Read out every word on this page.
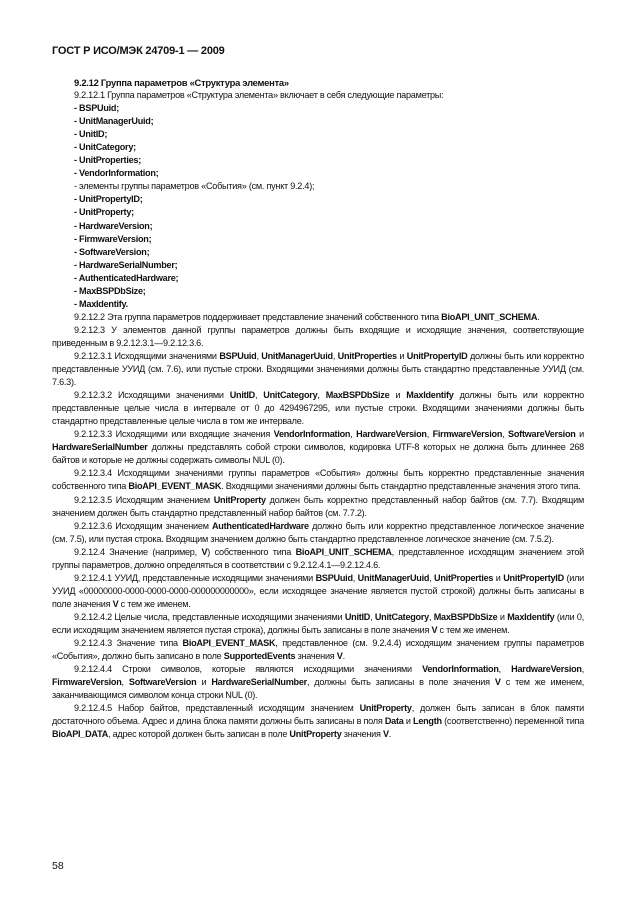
ГОСТ Р ИСО/МЭК 24709-1 — 2009

9.2.12 Группа параметров «Структура элемента»

9.2.12.1 Группа параметров «Структура элемента» включает в себя следующие параметры:

- BSPUuid;

- UnitManagerUuid;

- UnitID;

- UnitCategory;

- UnitProperties;

- VendorInformation;

- элементы группы параметров «События» (см. пункт 9.2.4);

- UnitPropertyID;

- UnitProperty;

- HardwareVersion;

- FirmwareVersion;

- SoftwareVersion;

- HardwareSerialNumber;

- AuthenticatedHardware;

- MaxBSPDbSize;

- MaxIdentify.

9.2.12.2 Эта группа параметров поддерживает представление значений собственного типа BioAPI_UNIT_SCHEMA.

9.2.12.3 У элементов данной группы параметров должны быть входящие и исходящие значения, соответствующие приведенным в 9.2.12.3.1—9.2.12.3.6.

9.2.12.3.1 Исходящими значениями BSPUuid, UnitManagerUuid, UnitProperties и UnitPropertyID должны быть или корректно представленные УУИД (см. 7.6), или пустые строки. Входящими значениями должны быть стандартно представленные УУИД (см. 7.6.3).

9.2.12.3.2 Исходящими значениями UnitID, UnitCategory, MaxBSPDbSize и MaxIdentify должны быть или корректно представленные целые числа в интервале от 0 до 4294967295, или пустые строки. Входящими значениями должны быть стандартно представленные целые числа в том же интервале.

9.2.12.3.3 Исходящими или входящие значения VendorInformation, HardwareVersion, FirmwareVersion, SoftwareVersion и HardwareSerialNumber должны представлять собой строки символов, кодировка UTF-8 которых не должна быть длиннее 268 байтов и которые не должны содержать символы NUL (0).

9.2.12.3.4 Исходящими значениями группы параметров «События» должны быть корректно представленные значения собственного типа BioAPI_EVENT_MASK. Входящими значениями должны быть стандартно представленные значения этого типа.

9.2.12.3.5 Исходящим значением UnitProperty должен быть корректно представленный набор байтов (см. 7.7). Входящим значением должен быть стандартно представленный набор байтов (см. 7.7.2).

9.2.12.3.6 Исходящим значением AuthenticatedHardware должно быть или корректно представленное логическое значение (см. 7.5), или пустая строка. Входящим значением должно быть стандартно представленное логическое значение (см. 7.5.2).

9.2.12.4 Значение (например, V) собственного типа BioAPI_UNIT_SCHEMA, представленное исходящим значением этой группы параметров, должно определяться в соответствии с 9.2.12.4.1—9.2.12.4.6.

9.2.12.4.1 УУИД, представленные исходящими значениями BSPUuid, UnitManagerUuid, UnitProperties и UnitPropertyID (или УУИД «00000000-0000-0000-0000-000000000000», если исходящее значение является пустой строкой) должны быть записаны в поле значения V с тем же именем.

9.2.12.4.2 Целые числа, представленные исходящими значениями UnitID, UnitCategory, MaxBSPDbSize и MaxIdentify (или 0, если исходящим значением является пустая строка), должны быть записаны в поле значения V с тем же именем.

9.2.12.4.3 Значение типа BioAPI_EVENT_MASK, представленное (см. 9.2.4.4) исходящим значением группы параметров «События», должно быть записано в поле SupportedEvents значения V.

9.2.12.4.4 Строки символов, которые являются исходящими значениями VendorInformation, HardwareVersion, FirmwareVersion, SoftwareVersion и HardwareSerialNumber, должны быть записаны в поле значения V с тем же именем, заканчивающимся символом конца строки NUL (0).

9.2.12.4.5 Набор байтов, представленный исходящим значением UnitProperty, должен быть записан в блок памяти достаточного объема. Адрес и длина блока памяти должны быть записаны в поля Data и Length (соответственно) переменной типа BioAPI_DATA, адрес которой должен быть записан в поле UnitProperty значения V.

58
